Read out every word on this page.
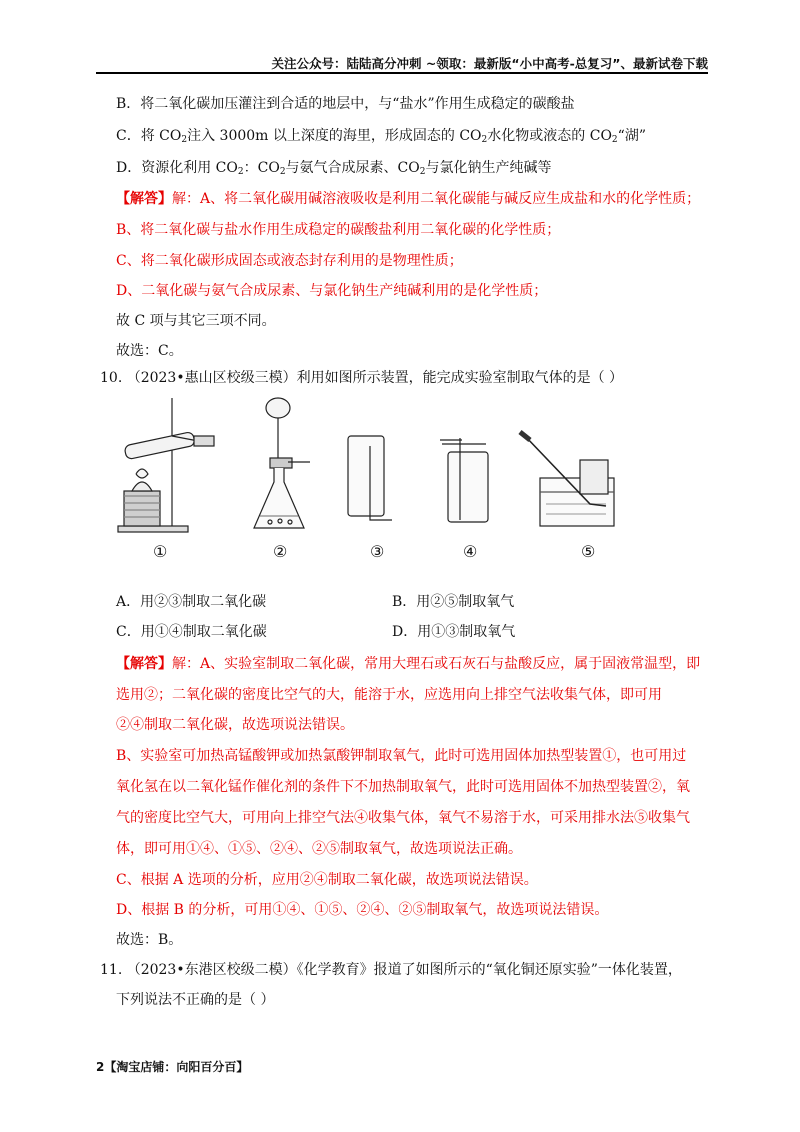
关注公众号：陆陆高分冲刺 ~领取：最新版“小中高考-总复习”、最新试卷下载
B．将二氧化碳加压灌注到合适的地层中，与“盐水”作用生成稳定的碳酸盐
C．将 $CO_2$注入 3000m 以上深度的海里，形成固态的 $CO_2$水化物或液态的 $CO_2“$湖”
D．资源化利用 $CO_2$：$CO_2$与氨气合成尿素、$CO_2$与氯化钠生产纯碱等
【解答】解：A、将二氧化碳用碱溶液吸收是利用二氧化碳能与碱反应生成盐和水的化学性质；
B、将二氧化碳与盐水作用生成稳定的碳酸盐利用二氧化碳的化学性质；
C、将二氧化碳形成固态或液态封存利用的是物理性质；
D、二氧化碳与氨气合成尿素、与氯化钠生产纯碱利用的是化学性质；
故 C 项与其它三项不同。
故选：C。
10. （2023•惠山区校级三模）利用如图所示装置，能完成实验室制取气体的是（ ）
①	②	③	④	⑤
A．用②③制取二氧化碳	B．用②⑤制取氧气
C．用①④制取二氧化碳	D．用①③制取氧气
【解答】解：A、实验室制取二氧化碳，常用大理石或石灰石与盐酸反应，属于固液常温型，即
选用②；二氧化碳的密度比空气的大，能溶于水，应选用向上排空气法收集气体，即可用
②④制取二氧化碳，故选项说法错误。
B、实验室可加热高锰酸钾或加热氯酸钾制取氧气，此时可选用固体加热型装置①，也可用过
氧化氢在以二氧化锰作催化剂的条件下不加热制取氧气，此时可选用固体不加热型装置②，氧
气的密度比空气大，可用向上排空气法④收集气体，氧气不易溶于水，可采用排水法⑤收集气
体，即可用①④、①⑤、②④、②⑤制取氧气，故选项说法正确。
C、根据 A 选项的分析，应用②④制取二氧化碳，故选项说法错误。
D、根据 B 的分析，可用①④、①⑤、②④、②⑤制取氧气，故选项说法错误。
故选：B。
11. （2023•东港区校级二模）《化学教育》报道了如图所示的“氧化铜还原实验”一体化装置，
下列说法不正确的是（ ）
2【淘宝店铺：向阳百分百】
